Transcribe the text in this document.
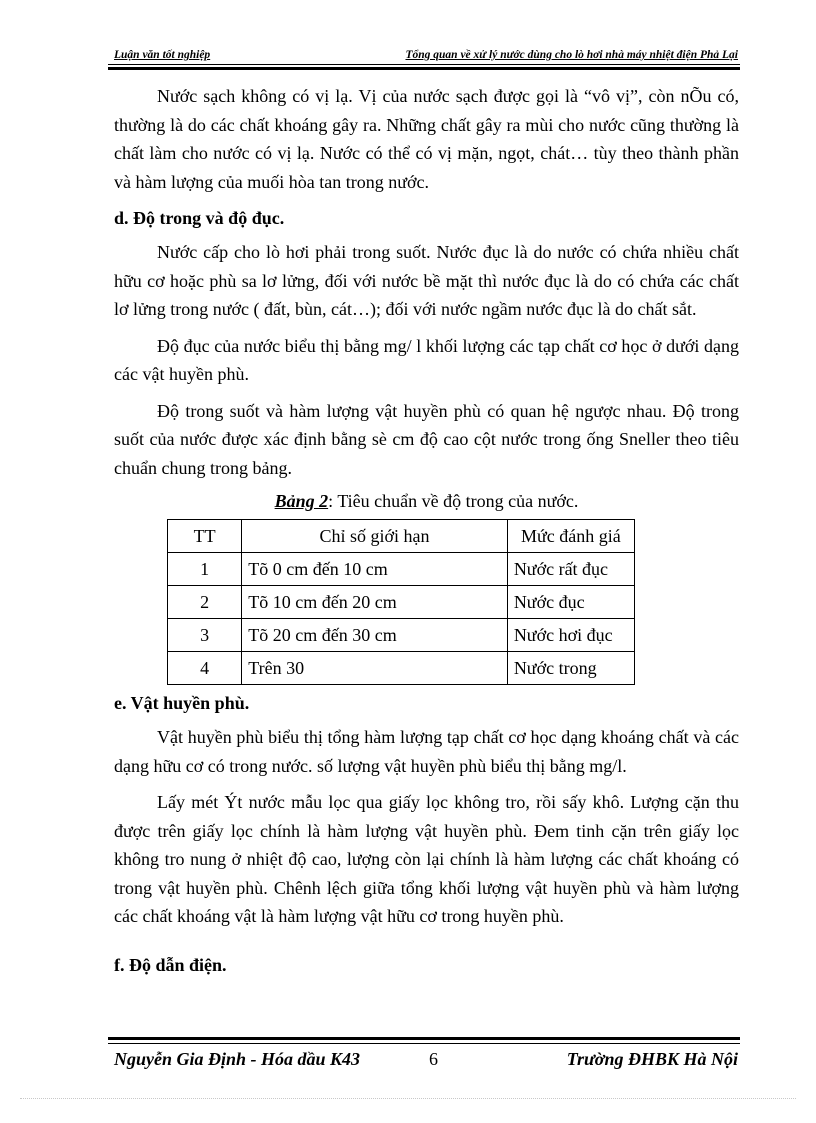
Luận văn tốt nghiệp	Tổng quan về xử lý nước dùng cho lò hơi nhà máy nhiệt điện Phả Lại

Nước sạch không có vị lạ. Vị của nước sạch được gọi là “vô vị”, còn nÕu có, thường là do các chất khoáng gây ra. Những chất gây ra mùi cho nước cũng thường là chất làm cho nước có vị lạ. Nước có thể có vị mặn, ngọt, chát… tùy theo thành phần và hàm lượng của muối hòa tan trong nước.

d. Độ trong và độ đục.

Nước cấp cho lò hơi phải trong suốt. Nước đục là do nước có chứa nhiều chất hữu cơ hoặc phù sa lơ lửng, đối với nước bề mặt thì nước đục là do có chứa các chất lơ lửng trong nước ( đất, bùn, cát…); đối với nước ngầm nước đục là do chất sắt.

Độ đục của nước biểu thị bằng mg/ l khối lượng các tạp chất cơ học ở dưới dạng các vật huyền phù.

Độ trong suốt và hàm lượng vật huyền phù có quan hệ ngược nhau. Độ trong suốt của nước được xác định bằng sè cm độ cao cột nước trong ống Sneller theo tiêu chuẩn chung trong bảng.

Bảng 2: Tiêu chuẩn về độ trong của nước.
TT	Chỉ số giới hạn	Mức đánh giá
1	Tõ 0 cm đến 10 cm	Nước rất đục
2	Tõ 10 cm đến 20 cm	Nước đục
3	Tõ 20 cm đến 30 cm	Nước hơi đục
4	Trên 30	Nước trong
e. Vật huyền phù.

Vật huyền phù biểu thị tổng hàm lượng tạp chất cơ học dạng khoáng chất và các dạng hữu cơ có trong nước. số lượng vật huyền phù biểu thị bằng mg/l.

Lấy mét Ýt nước mẫu lọc qua giấy lọc không tro, rồi sấy khô. Lượng cặn thu được trên giấy lọc chính là hàm lượng vật huyền phù. Đem tinh cặn trên giấy lọc không tro nung ở nhiệt độ cao, lượng còn lại chính là hàm lượng các chất khoáng có trong vật huyền phù. Chênh lệch giữa tổng khối lượng vật huyền phù và hàm lượng các chất khoáng vật là hàm lượng vật hữu cơ trong huyền phù.

f. Độ dẫn điện.
Nguyễn Gia Định - Hóa dầu K43	6	Trường ĐHBK Hà Nội
